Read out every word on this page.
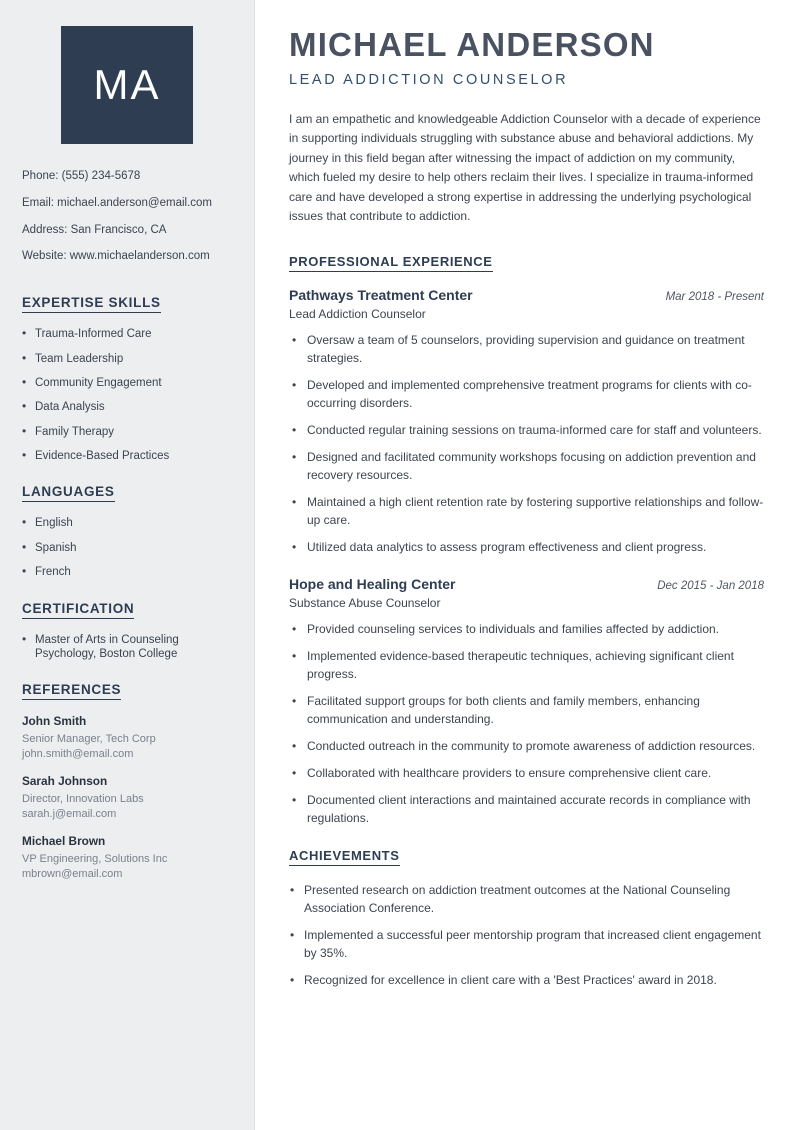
MA
Phone: (555) 234-5678
Email: michael.anderson@email.com
Address: San Francisco, CA
Website: www.michaelanderson.com
EXPERTISE SKILLS
• Trauma-Informed Care
• Team Leadership
• Community Engagement
• Data Analysis
• Family Therapy
• Evidence-Based Practices
LANGUAGES
• English
• Spanish
• French
CERTIFICATION
• Master of Arts in Counseling Psychology, Boston College
REFERENCES
John Smith
Senior Manager, Tech Corp
john.smith@email.com
Sarah Johnson
Director, Innovation Labs
sarah.j@email.com
Michael Brown
VP Engineering, Solutions Inc
mbrown@email.com
MICHAEL ANDERSON
LEAD ADDICTION COUNSELOR

I am an empathetic and knowledgeable Addiction Counselor with a decade of experience in supporting individuals struggling with substance abuse and behavioral addictions. My journey in this field began after witnessing the impact of addiction on my community, which fueled my desire to help others reclaim their lives. I specialize in trauma-informed care and have developed a strong expertise in addressing the underlying psychological issues that contribute to addiction.

PROFESSIONAL EXPERIENCE
Pathways Treatment Center	Mar 2018 - Present
Lead Addiction Counselor
• Oversaw a team of 5 counselors, providing supervision and guidance on treatment strategies.
• Developed and implemented comprehensive treatment programs for clients with co-occurring disorders.
• Conducted regular training sessions on trauma-informed care for staff and volunteers.
• Designed and facilitated community workshops focusing on addiction prevention and recovery resources.
• Maintained a high client retention rate by fostering supportive relationships and follow-up care.
• Utilized data analytics to assess program effectiveness and client progress.
Hope and Healing Center	Dec 2015 - Jan 2018
Substance Abuse Counselor
• Provided counseling services to individuals and families affected by addiction.
• Implemented evidence-based therapeutic techniques, achieving significant client progress.
• Facilitated support groups for both clients and family members, enhancing communication and understanding.
• Conducted outreach in the community to promote awareness of addiction resources.
• Collaborated with healthcare providers to ensure comprehensive client care.
• Documented client interactions and maintained accurate records in compliance with regulations.
ACHIEVEMENTS
• Presented research on addiction treatment outcomes at the National Counseling Association Conference.
• Implemented a successful peer mentorship program that increased client engagement by 35%.
• Recognized for excellence in client care with a 'Best Practices' award in 2018.
